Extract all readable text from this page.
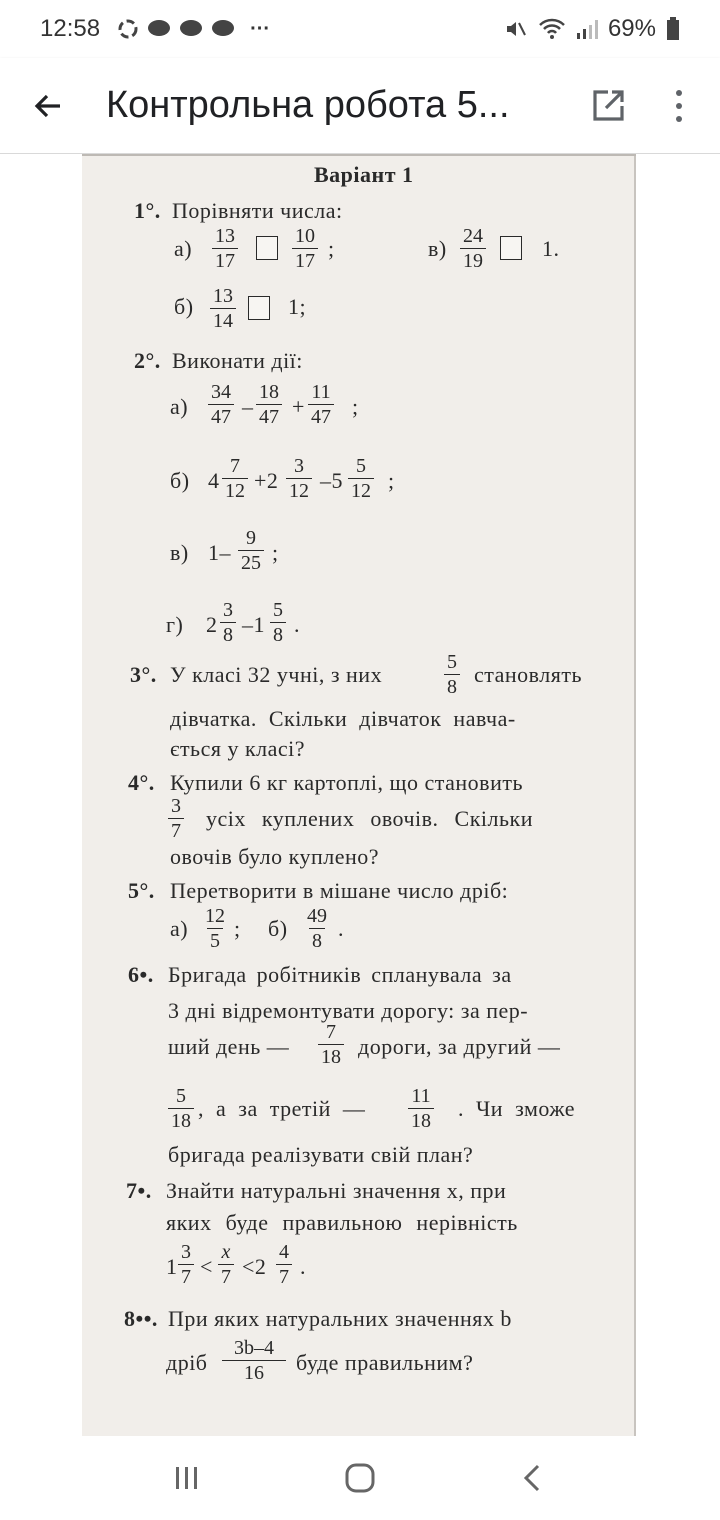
12:58	···	69%
Контрольна робота 5...
Варіант 1
1°. Порівняти числа:
$а) \frac{13}{17}$	$\frac{10}{17}$ ;	$в) \frac{24}{19}$	1.
$б) \frac{13}{14} 1$;
2°. Виконати дії:
$а) \frac{34}{47} - \frac{18}{47} + \frac{11}{47}$ ;
б) $4 \frac{7}{12} +2 \frac{3}{12} -5 \frac{5}{12}$ ;
в) $1- \frac{9}{25}$ ;
г) $2 \frac{3}{8} -1 \frac{5}{8}$ .
3°. У класі 32 учні, з них	$\frac{5}{8}$ становлять
дівчатка. Скільки дівчаток навча-
ється у класі?
4°. Купили 6 кг картоплі, що становить
$\frac{3}{7}$ усіх куплених овочів. Скільки
овочів було куплено?
5°. Перетворити в мішане число дріб:
$а) \frac{12}{5}$ ; $б) \frac{49}{8}$ .
6•. Бригада робітників спланувала за
3 дні відремонтувати дорогу: за пер-
ший день — $\frac{7}{18}$ дороги, за другий —
$\frac{5}{18}$ , а за третій — $\frac{11}{18}$ . Чи зможе
бригада реалізувати свій план?
7•. Знайти натуральні значення x, при
яких буде правильною нерівність
$1 \frac{3}{7} < \frac{x}{7} <2 \frac{4}{7}$ .
8••. При яких натуральних значеннях b
дріб $\frac{3b-4}{16}$ буде правильним?
